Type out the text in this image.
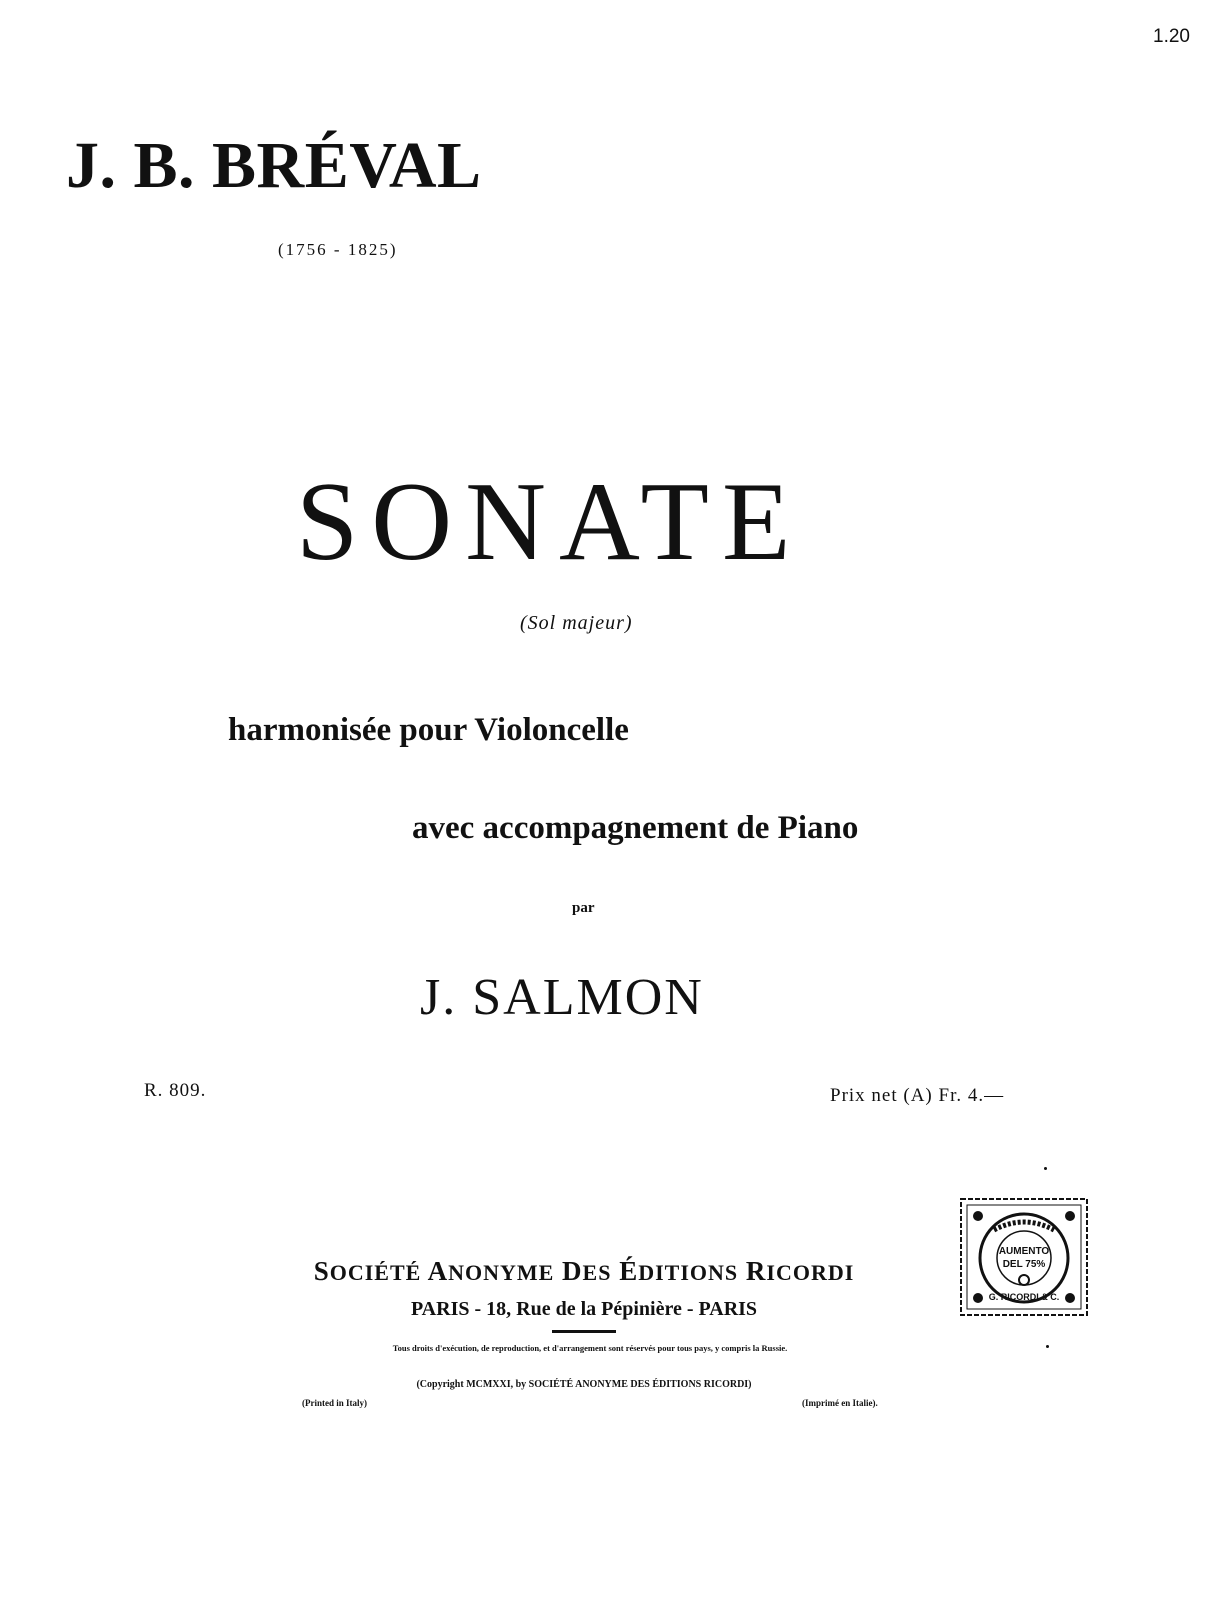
1.20
J. B. BRÉVAL
(1756 - 1825)
SONATE
(Sol majeur)
harmonisée pour Violoncelle
avec accompagnement de Piano
par
J. SALMON
R. 809.	Prix net (A) Fr. 4.—
AUMENTO
DEL 75%
G. RICORDI & C.
SOCIÉTÉ ANONYME DES ÉDITIONS RICORDI
PARIS - 18, Rue de la Pépinière - PARIS
Tous droits d'exécution, de reproduction, et d'arrangement sont réservés pour tous pays, y compris la Russie.
(Copyright MCMXXI, by SOCIÉTÉ ANONYME DES ÉDITIONS RICORDI)
(Printed in Italy)	(Imprimé en Italie).
